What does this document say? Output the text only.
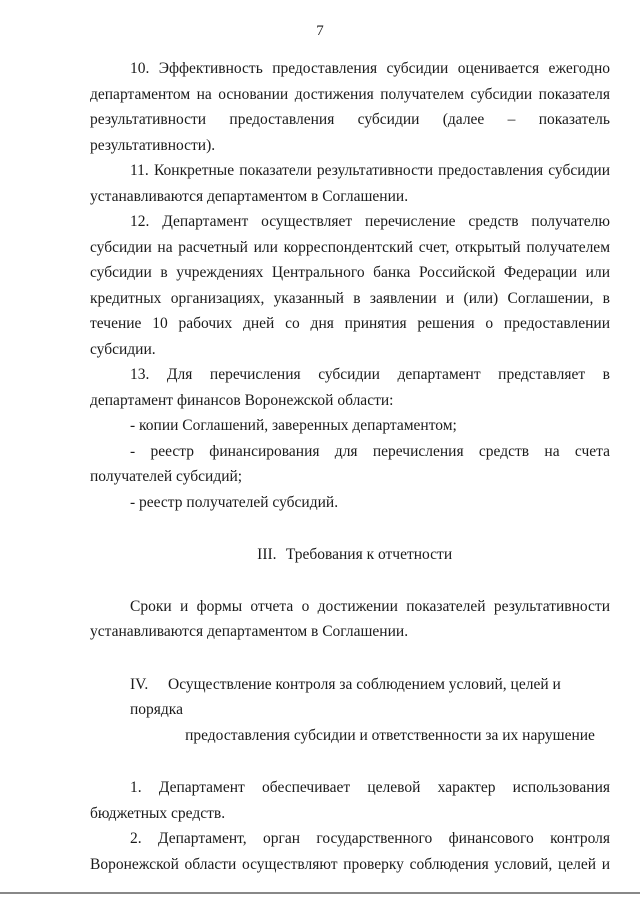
7

10. Эффективность предоставления субсидии оценивается ежегодно департаментом на основании достижения получателем субсидии показателя результативности предоставления субсидии (далее – показатель результативности).

11. Конкретные показатели результативности предоставления субсидии устанавливаются департаментом в Соглашении.

12. Департамент осуществляет перечисление средств получателю субсидии на расчетный или корреспондентский счет, открытый получателем субсидии в учреждениях Центрального банка Российской Федерации или кредитных организациях, указанный в заявлении и (или) Соглашении, в течение 10 рабочих дней со дня принятия решения о предоставлении субсидии.

13. Для перечисления субсидии департамент представляет в департамент финансов Воронежской области:

- копии Соглашений, заверенных департаментом;

- реестр финансирования для перечисления средств на счета получателей субсидий;

- реестр получателей субсидий.

III. Требования к отчетности

Сроки и формы отчета о достижении показателей результативности устанавливаются департаментом в Соглашении.

IV. Осуществление контроля за соблюдением условий, целей и порядка
предоставления субсидии и ответственности за их нарушение

1. Департамент обеспечивает целевой характер использования бюджетных средств.

2. Департамент, орган государственного финансового контроля Воронежской области осуществляют проверку соблюдения условий, целей и
